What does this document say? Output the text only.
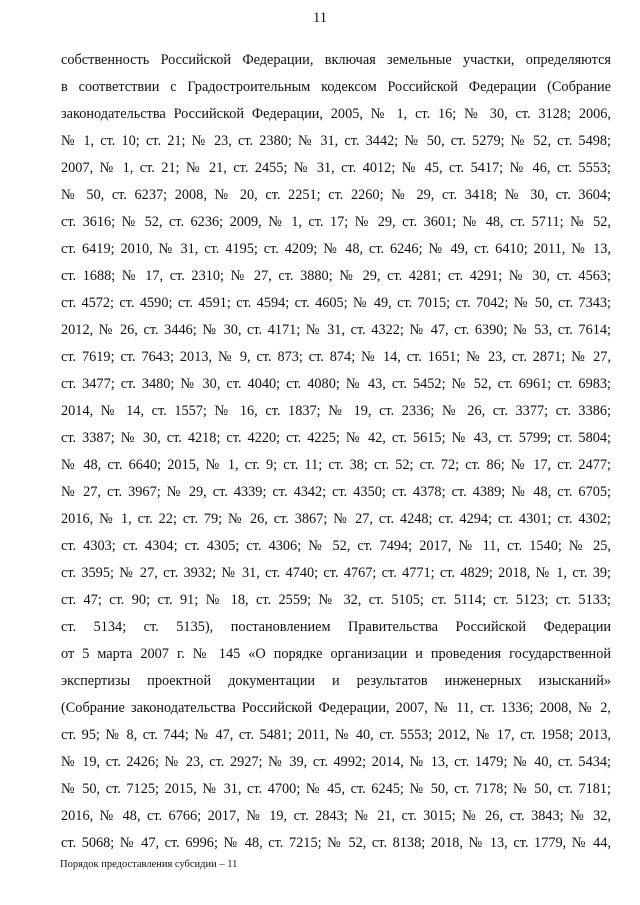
11
собственность Российской Федерации, включая земельные участки, определяются
в соответствии с Градостроительным кодексом Российской Федерации (Собрание
законодательства Российской Федерации, 2005, № 1, ст. 16; № 30, ст. 3128; 2006,
№ 1, ст. 10; ст. 21; № 23, ст. 2380; № 31, ст. 3442; № 50, ст. 5279; № 52, ст. 5498;
2007, № 1, ст. 21; № 21, ст. 2455; № 31, ст. 4012; № 45, ст. 5417; № 46, ст. 5553;
№ 50, ст. 6237; 2008, № 20, ст. 2251; ст. 2260; № 29, ст. 3418; № 30, ст. 3604;
ст. 3616; № 52, ст. 6236; 2009, № 1, ст. 17; № 29, ст. 3601; № 48, ст. 5711; № 52,
ст. 6419; 2010, № 31, ст. 4195; ст. 4209; № 48, ст. 6246; № 49, ст. 6410; 2011, № 13,
ст. 1688; № 17, ст. 2310; № 27, ст. 3880; № 29, ст. 4281; ст. 4291; № 30, ст. 4563;
ст. 4572; ст. 4590; ст. 4591; ст. 4594; ст. 4605; № 49, ст. 7015; ст. 7042; № 50, ст. 7343;
2012, № 26, ст. 3446; № 30, ст. 4171; № 31, ст. 4322; № 47, ст. 6390; № 53, ст. 7614;
ст. 7619; ст. 7643; 2013, № 9, ст. 873; ст. 874; № 14, ст. 1651; № 23, ст. 2871; № 27,
ст. 3477; ст. 3480; № 30, ст. 4040; ст. 4080; № 43, ст. 5452; № 52, ст. 6961; ст. 6983;
2014, № 14, ст. 1557; № 16, ст. 1837; № 19, ст. 2336; № 26, ст. 3377; ст. 3386;
ст. 3387; № 30, ст. 4218; ст. 4220; ст. 4225; № 42, ст. 5615; № 43, ст. 5799; ст. 5804;
№ 48, ст. 6640; 2015, № 1, ст. 9; ст. 11; ст. 38; ст. 52; ст. 72; ст. 86; № 17, ст. 2477;
№ 27, ст. 3967; № 29, ст. 4339; ст. 4342; ст. 4350; ст. 4378; ст. 4389; № 48, ст. 6705;
2016, № 1, ст. 22; ст. 79; № 26, ст. 3867; № 27, ст. 4248; ст. 4294; ст. 4301; ст. 4302;
ст. 4303; ст. 4304; ст. 4305; ст. 4306; № 52, ст. 7494; 2017, № 11, ст. 1540; № 25,
ст. 3595; № 27, ст. 3932; № 31, ст. 4740; ст. 4767; ст. 4771; ст. 4829; 2018, № 1, ст. 39;
ст. 47; ст. 90; ст. 91; № 18, ст. 2559; № 32, ст. 5105; ст. 5114; ст. 5123; ст. 5133;
ст. 5134; ст. 5135), постановлением Правительства Российской Федерации
от 5 марта 2007 г. № 145 «О порядке организации и проведения государственной
экспертизы проектной документации и результатов инженерных изысканий»
(Собрание законодательства Российской Федерации, 2007, № 11, ст. 1336; 2008, № 2,
ст. 95; № 8, ст. 744; № 47, ст. 5481; 2011, № 40, ст. 5553; 2012, № 17, ст. 1958; 2013,
№ 19, ст. 2426; № 23, ст. 2927; № 39, ст. 4992; 2014, № 13, ст. 1479; № 40, ст. 5434;
№ 50, ст. 7125; 2015, № 31, ст. 4700; № 45, ст. 6245; № 50, ст. 7178; № 50, ст. 7181;
2016, № 48, ст. 6766; 2017, № 19, ст. 2843; № 21, ст. 3015; № 26, ст. 3843; № 32,
ст. 5068; № 47, ст. 6996; № 48, ст. 7215; № 52, ст. 8138; 2018, № 13, ст. 1779, № 44,
Порядок предоставления субсидии – 11
